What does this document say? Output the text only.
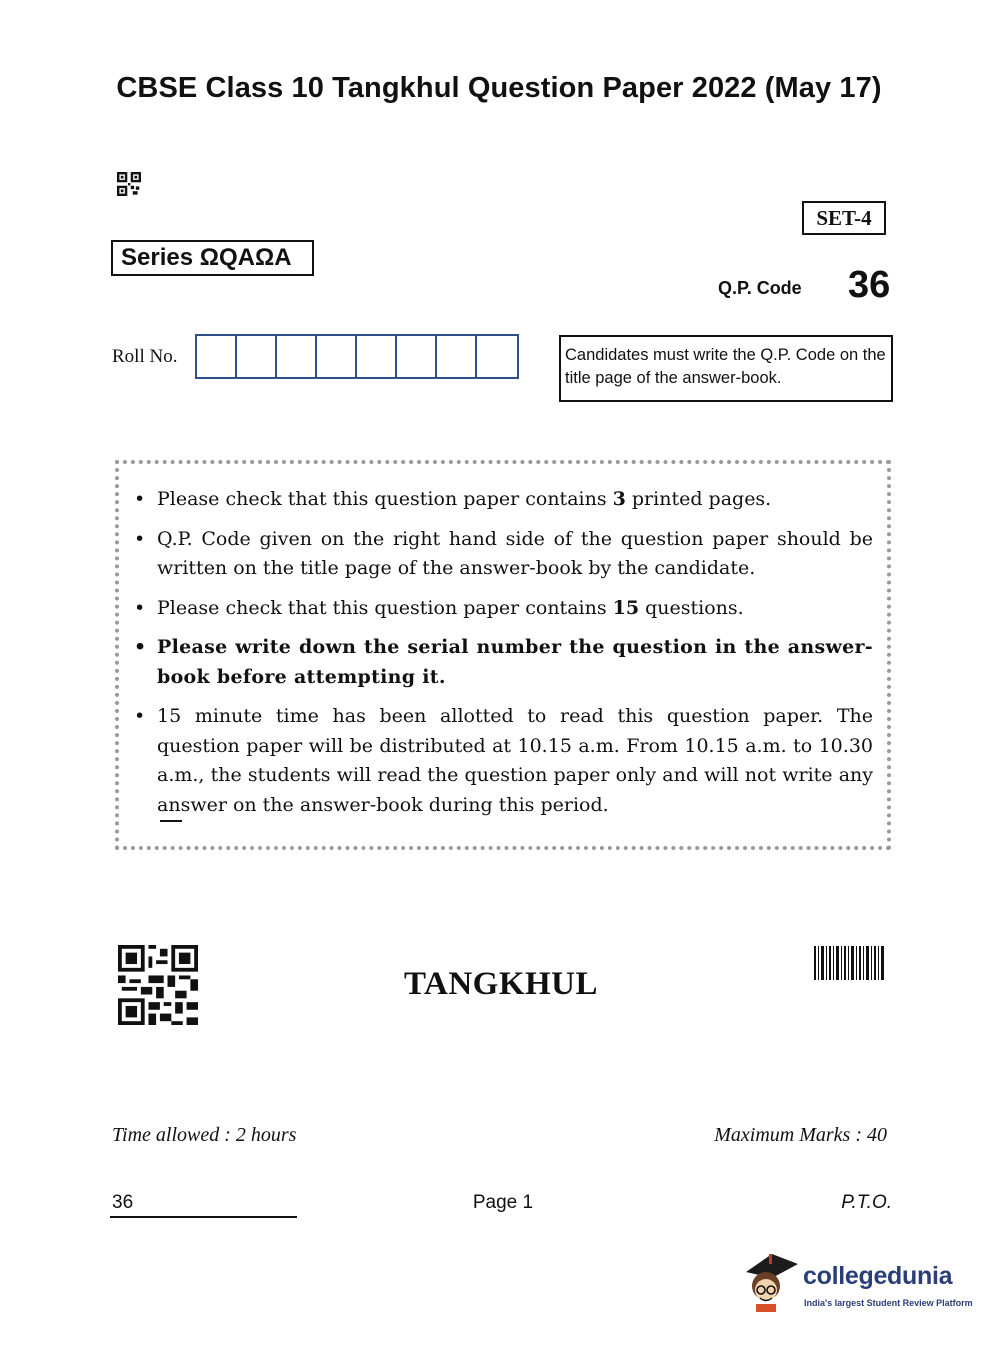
CBSE Class 10 Tangkhul Question Paper 2022 (May 17)
SET-4
Series ΩQAΩA
Q.P. Code 36
Roll No.	Candidates must write the Q.P. Code on the title page of the answer-book.
• Please check that this question paper contains 3 printed pages.
• Q.P. Code given on the right hand side of the question paper should be written on the title page of the answer-book by the candidate.
• Please check that this question paper contains 15 questions.
• Please write down the serial number the question in the answer-book before attempting it.
• 15 minute time has been allotted to read this question paper. The question paper will be distributed at 10.15 a.m. From 10.15 a.m. to 10.30 a.m., the students will read the question paper only and will not write any answer on the answer-book during this period.
TANGKHUL
Time allowed : 2 hours	Maximum Marks : 40
36	Page 1	P.T.O.
collegedunia
India's largest Student Review Platform
